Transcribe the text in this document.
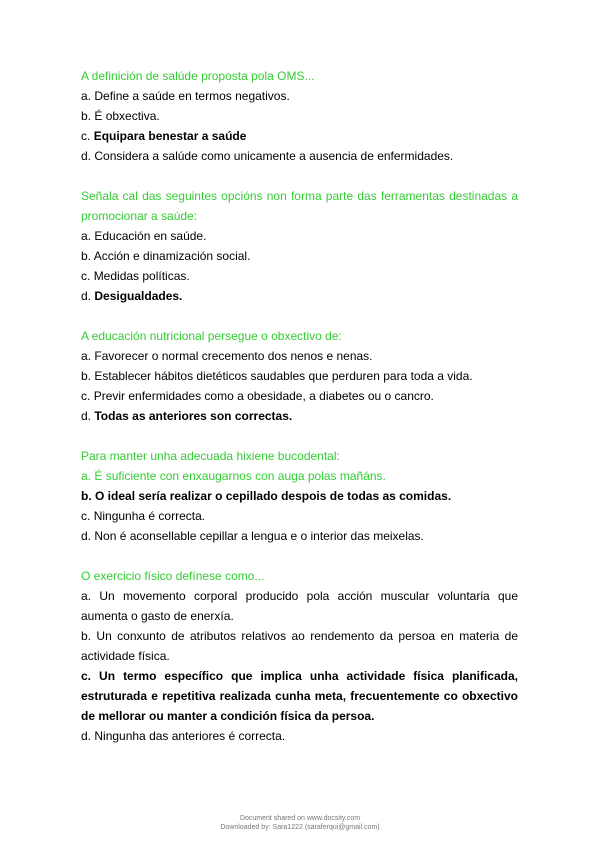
A definición de salúde proposta pola OMS...
a. Define a saúde en termos negativos.
b. É obxectiva.
c. Equipara benestar a saúde
d. Considera a salúde como unicamente a ausencia de enfermidades.
Señala cal das seguintes opcións non forma parte das ferramentas destinadas a promocionar a saúde:
a. Educación en saúde.
b. Acción e dinamización social.
c. Medidas políticas.
d. Desigualdades.
A educación nutricional persegue o obxectivo de:
a. Favorecer o normal crecemento dos nenos e nenas.
b. Establecer hábitos dietéticos saudables que perduren para toda a vida.
c. Previr enfermidades como a obesidade, a diabetes ou o cancro.
d. Todas as anteriores son correctas.
Para manter unha adecuada hixiene bucodental:
a. É suficiente con enxaugarnos con auga polas mañáns.
b. O ideal sería realizar o cepillado despois de todas as comidas.
c. Ningunha é correcta.
d. Non é aconsellable cepillar a lengua e o interior das meixelas.
O exercicio físico defínese como...
a. Un movemento corporal producido pola acción muscular voluntaria que aumenta o gasto de enerxía.
b. Un conxunto de atributos relativos ao rendemento da persoa en materia de actividade física.
c. Un termo específico que implica unha actividade física planificada, estruturada e repetitiva realizada cunha meta, frecuentemente co obxectivo de mellorar ou manter a condición física da persoa.
d. Ningunha das anteriores é correcta.
Document shared on www.docsity.com
Downloaded by: Sara1222 (saraferqui@gmail.com)
